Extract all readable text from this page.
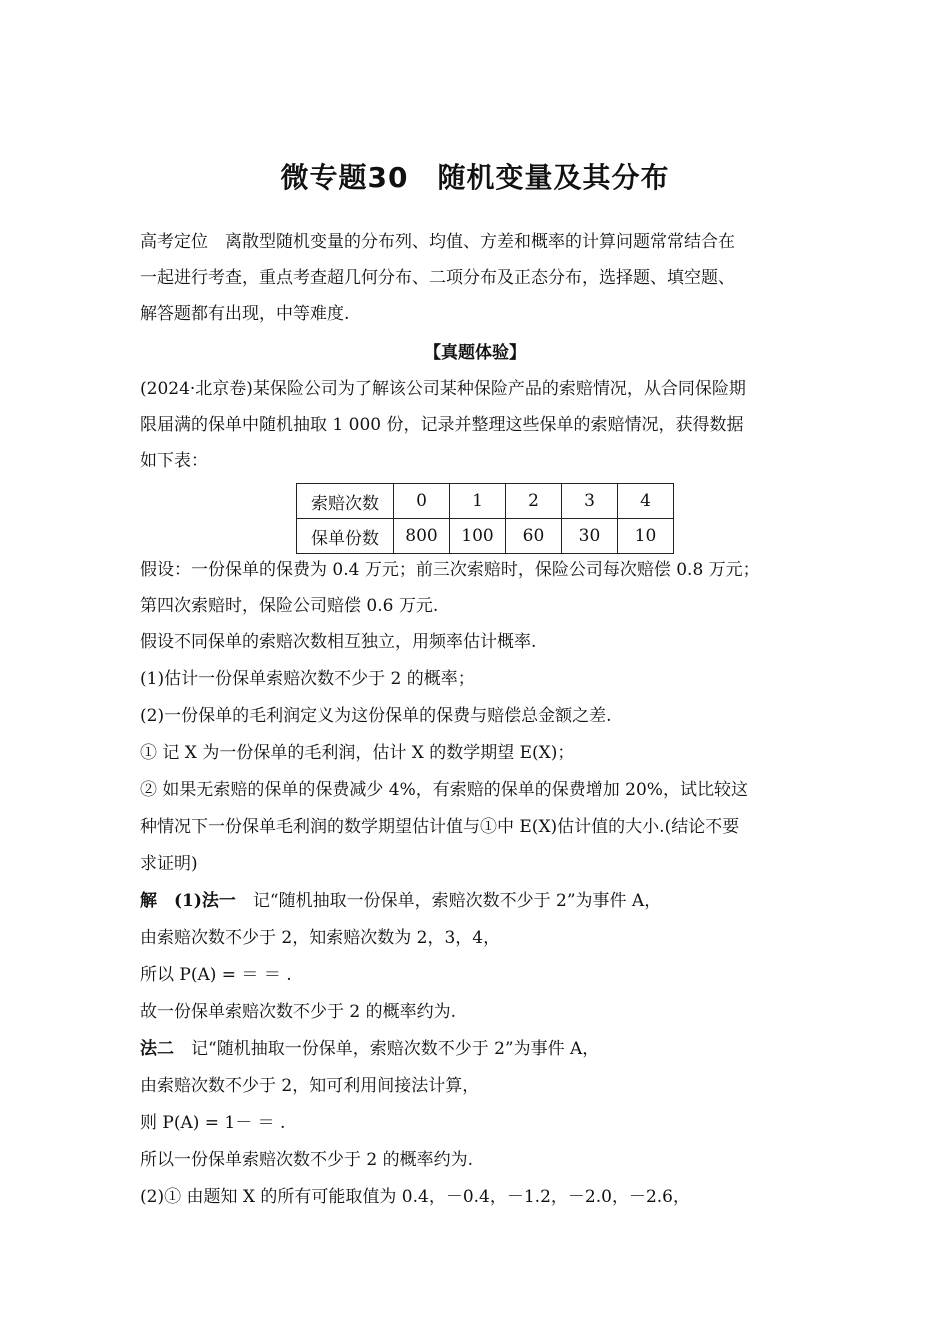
微专题30　随机变量及其分布
高考定位　离散型随机变量的分布列、均值、方差和概率的计算问题常常结合在
一起进行考查，重点考查超几何分布、二项分布及正态分布，选择题、填空题、
解答题都有出现，中等难度.
【真题体验】
(2024·北京卷)某保险公司为了解该公司某种保险产品的索赔情况，从合同保险期
限届满的保单中随机抽取 1 000 份，记录并整理这些保单的索赔情况，获得数据
如下表：
索赔次数	0	1	2	3	4
保单份数	800	100	60	30	10
假设：一份保单的保费为 0.4 万元；前三次索赔时，保险公司每次赔偿 0.8 万元；
第四次索赔时，保险公司赔偿 0.6 万元.
假设不同保单的索赔次数相互独立，用频率估计概率.
(1)估计一份保单索赔次数不少于 2 的概率；
(2)一份保单的毛利润定义为这份保单的保费与赔偿总金额之差.
① 记 X 为一份保单的毛利润，估计 X 的数学期望 E(X)；
② 如果无索赔的保单的保费减少 4%，有索赔的保单的保费增加 20%，试比较这
种情况下一份保单毛利润的数学期望估计值与①中 E(X)估计值的大小.(结论不要
求证明)
解　(1)法一　记“随机抽取一份保单，索赔次数不少于 2”为事件 A，
由索赔次数不少于 2，知索赔次数为 2，3，4，
所以 P(A) = ＝ ＝ .
故一份保单索赔次数不少于 2 的概率约为.
法二　记“随机抽取一份保单，索赔次数不少于 2”为事件 A，
由索赔次数不少于 2，知可利用间接法计算，
则 P(A) = 1－ ＝ .
所以一份保单索赔次数不少于 2 的概率约为.
(2)① 由题知 X 的所有可能取值为 0.4，－0.4，－1.2，－2.0，－2.6，
